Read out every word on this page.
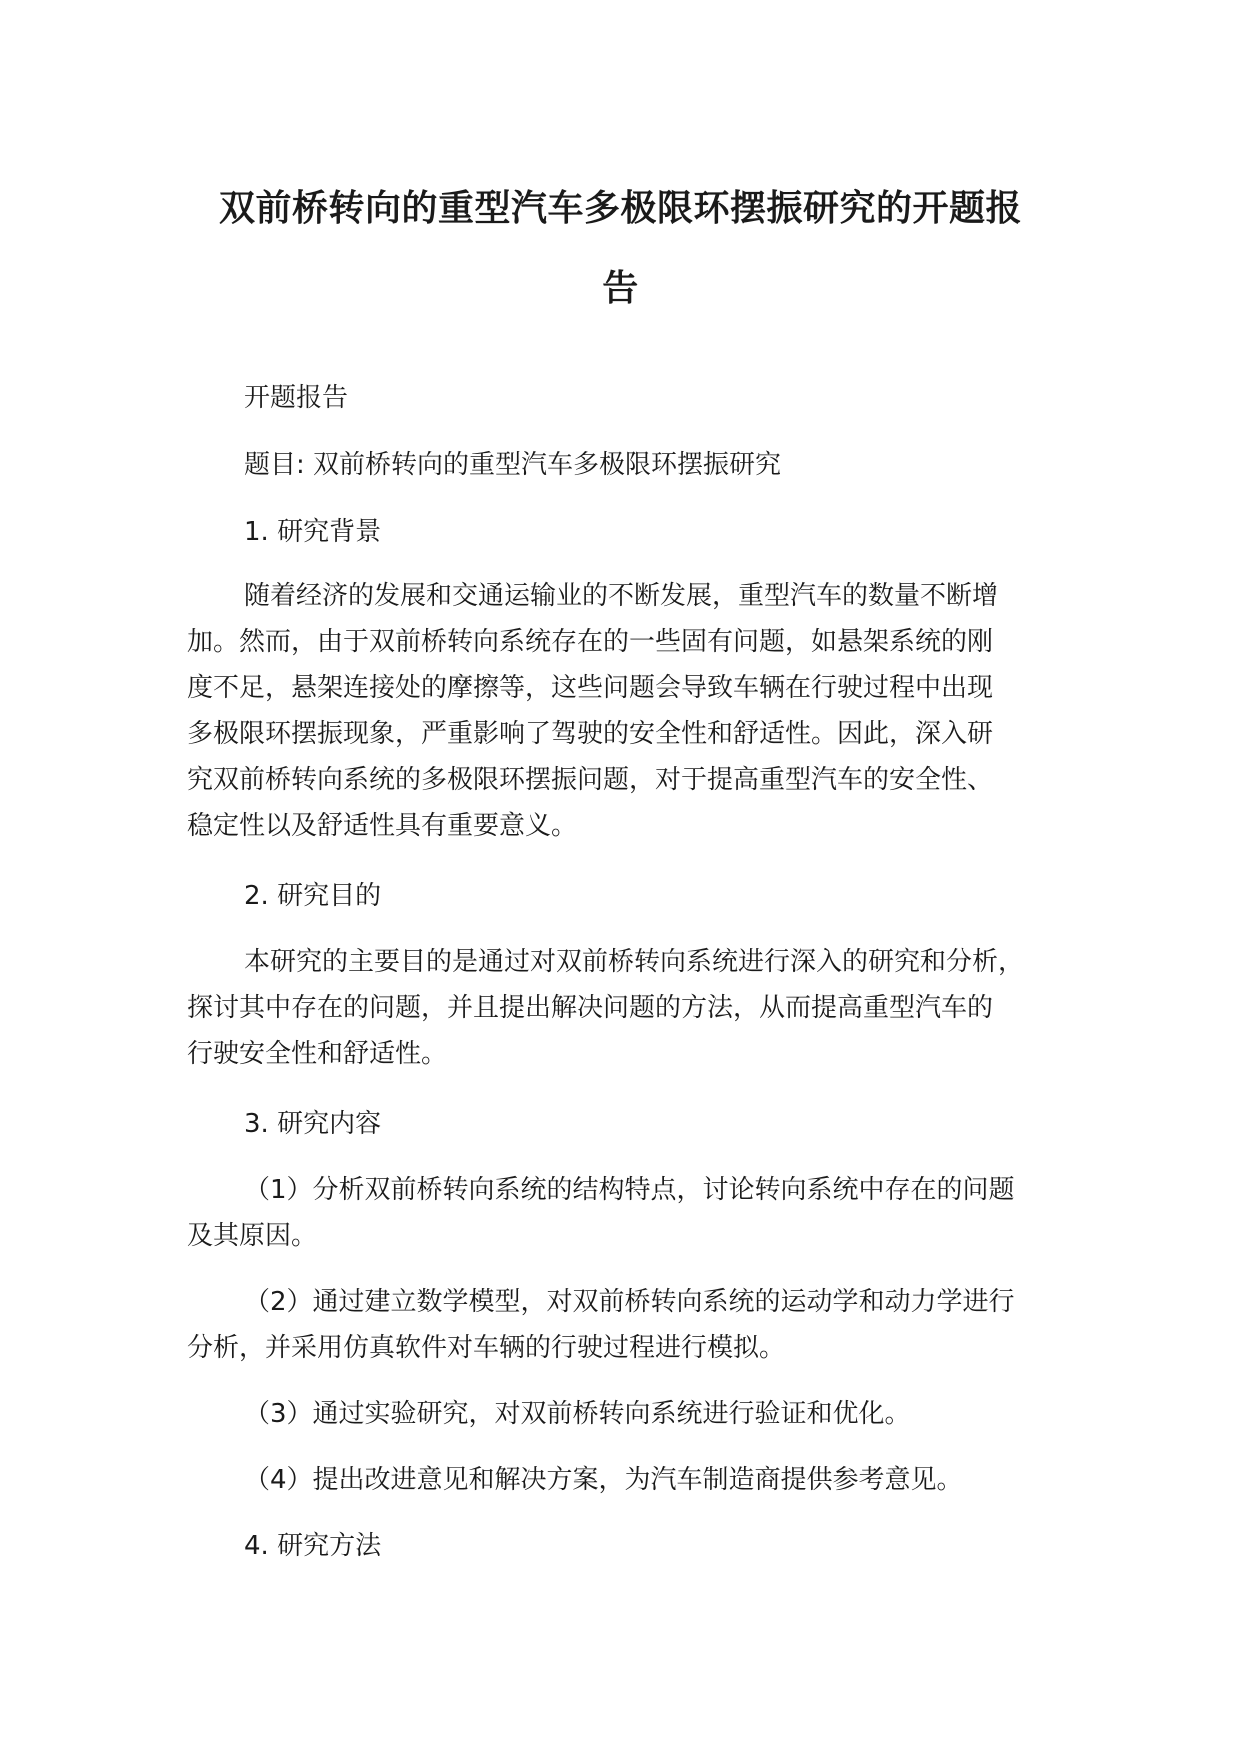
双前桥转向的重型汽车多极限环摆振研究的开题报
告
开题报告
题目: 双前桥转向的重型汽车多极限环摆振研究
1. 研究背景
随着经济的发展和交通运输业的不断发展，重型汽车的数量不断增
加。然而，由于双前桥转向系统存在的一些固有问题，如悬架系统的刚
度不足，悬架连接处的摩擦等，这些问题会导致车辆在行驶过程中出现
多极限环摆振现象，严重影响了驾驶的安全性和舒适性。因此，深入研
究双前桥转向系统的多极限环摆振问题，对于提高重型汽车的安全性、
稳定性以及舒适性具有重要意义。
2. 研究目的
本研究的主要目的是通过对双前桥转向系统进行深入的研究和分析，
探讨其中存在的问题，并且提出解决问题的方法，从而提高重型汽车的
行驶安全性和舒适性。
3. 研究内容
（1）分析双前桥转向系统的结构特点，讨论转向系统中存在的问题
及其原因。
（2）通过建立数学模型，对双前桥转向系统的运动学和动力学进行
分析，并采用仿真软件对车辆的行驶过程进行模拟。
（3）通过实验研究，对双前桥转向系统进行验证和优化。
（4）提出改进意见和解决方案，为汽车制造商提供参考意见。
4. 研究方法
